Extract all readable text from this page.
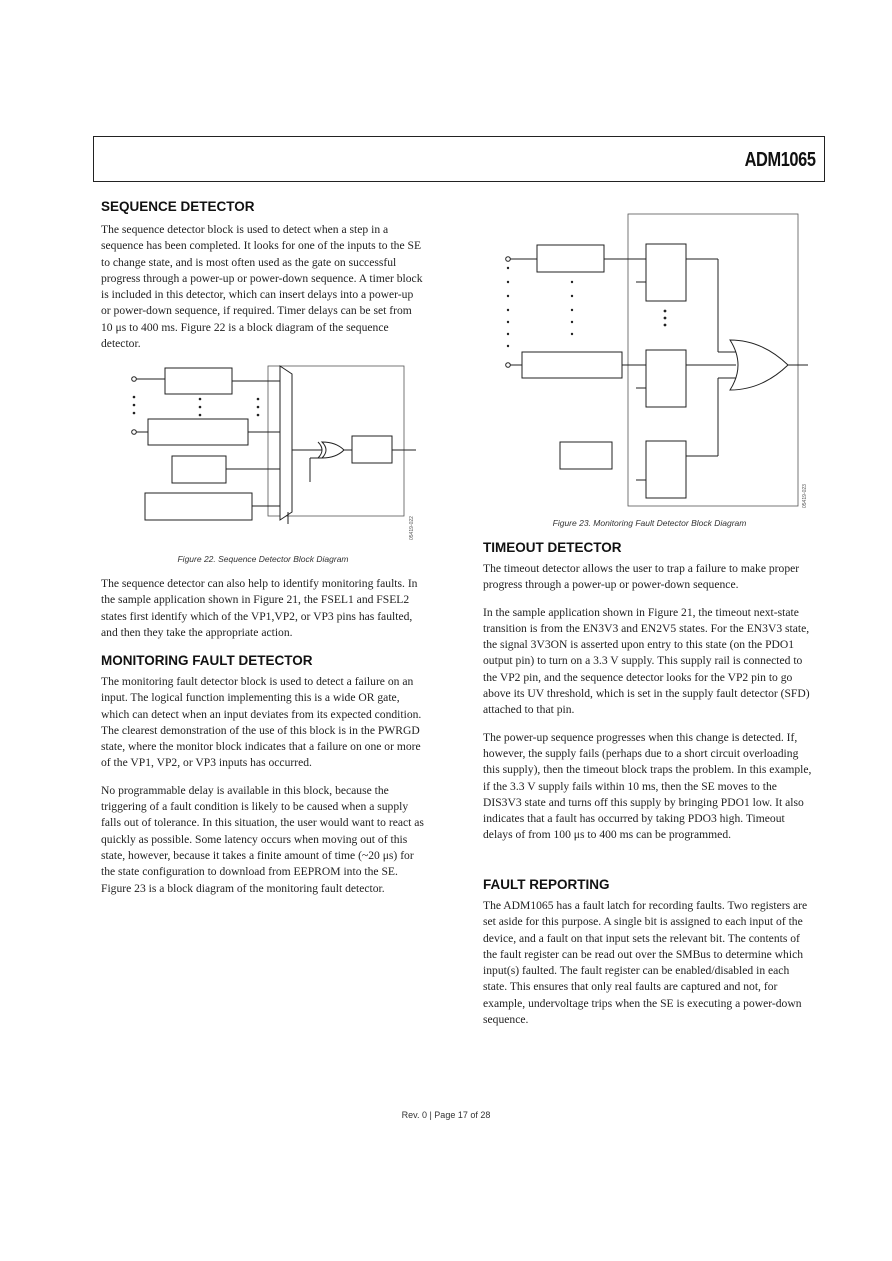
ADM1065
SEQUENCE DETECTOR

The sequence detector block is used to detect when a step in a sequence has been completed. It looks for one of the inputs to the SE to change state, and is most often used as the gate on successful progress through a power-up or power-down sequence. A timer block is included in this detector, which can insert delays into a power-up or power-down sequence, if required. Timer delays can be set from 10 μs to 400 ms. Figure 22 is a block diagram of the sequence detector.

05419-022
Figure 22. Sequence Detector Block Diagram

The sequence detector can also help to identify monitoring faults. In the sample application shown in Figure 21, the FSEL1 and FSEL2 states first identify which of the VP1,VP2, or VP3 pins has faulted, and then they take the appropriate action.

MONITORING FAULT DETECTOR

The monitoring fault detector block is used to detect a failure on an input. The logical function implementing this is a wide OR gate, which can detect when an input deviates from its expected condition. The clearest demonstration of the use of this block is in the PWRGD state, where the monitor block indicates that a failure on one or more of the VP1, VP2, or VP3 inputs has occurred.

No programmable delay is available in this block, because the triggering of a fault condition is likely to be caused when a supply falls out of tolerance. In this situation, the user would want to react as quickly as possible. Some latency occurs when moving out of this state, however, because it takes a finite amount of time (~20 μs) for the state configuration to download from EEPROM into the SE. Figure 23 is a block diagram of the monitoring fault detector.

05419-023
Figure 23. Monitoring Fault Detector Block Diagram
TIMEOUT DETECTOR

The timeout detector allows the user to trap a failure to make proper progress through a power-up or power-down sequence.

In the sample application shown in Figure 21, the timeout next-state transition is from the EN3V3 and EN2V5 states. For the EN3V3 state, the signal 3V3ON is asserted upon entry to this state (on the PDO1 output pin) to turn on a 3.3 V supply. This supply rail is connected to the VP2 pin, and the sequence detector looks for the VP2 pin to go above its UV threshold, which is set in the supply fault detector (SFD) attached to that pin.

The power-up sequence progresses when this change is detected. If, however, the supply fails (perhaps due to a short circuit overloading this supply), then the timeout block traps the problem. In this example, if the 3.3 V supply fails within 10 ms, then the SE moves to the DIS3V3 state and turns off this supply by bringing PDO1 low. It also indicates that a fault has occurred by taking PDO3 high. Timeout delays of from 100 μs to 400 ms can be programmed.

FAULT REPORTING

The ADM1065 has a fault latch for recording faults. Two registers are set aside for this purpose. A single bit is assigned to each input of the device, and a fault on that input sets the relevant bit. The contents of the fault register can be read out over the SMBus to determine which input(s) faulted. The fault register can be enabled/disabled in each state. This ensures that only real faults are captured and not, for example, undervoltage trips when the SE is executing a power-down sequence.

Rev. 0 | Page 17 of 28
